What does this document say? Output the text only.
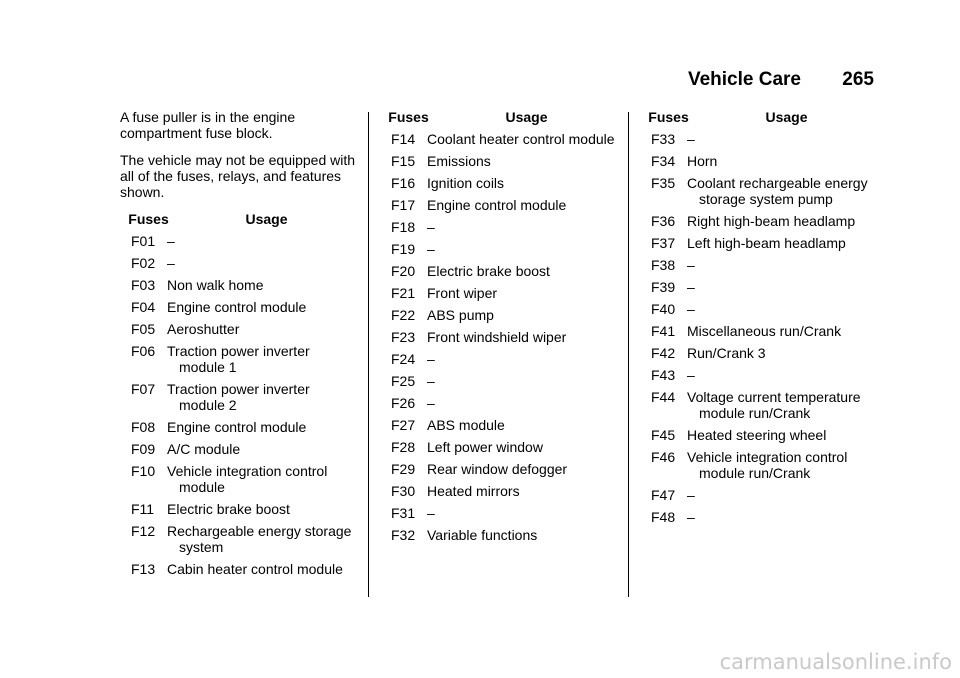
Vehicle Care 265

A fuse puller is in the engine compartment fuse block.

The vehicle may not be equipped with all of the fuses, relays, and features shown.

Fuses	Usage
F01 –
F02 –
F03 Non walk home
F04 Engine control module
F05 Aeroshutter
F06 Traction power inverter module 1
F07 Traction power inverter module 2
F08 Engine control module
F09 A/C module
F10 Vehicle integration control module
F11 Electric brake boost
F12 Rechargeable energy storage system
F13 Cabin heater control module
Fuses	Usage
F14 Coolant heater control module
F15 Emissions
F16 Ignition coils
F17 Engine control module
F18 –
F19 –
F20 Electric brake boost
F21 Front wiper
F22 ABS pump
F23 Front windshield wiper
F24 –
F25 –
F26 –
F27 ABS module
F28 Left power window
F29 Rear window defogger
F30 Heated mirrors
F31 –
F32 Variable functions
Fuses	Usage
F33 –
F34 Horn
F35 Coolant rechargeable energy storage system pump
F36 Right high-beam headlamp
F37 Left high-beam headlamp
F38 –
F39 –
F40 –
F41 Miscellaneous run/Crank
F42 Run/Crank 3
F43 –
F44 Voltage current temperature module run/Crank
F45 Heated steering wheel
F46 Vehicle integration control module run/Crank
F47 –
F48 –
carmanualsonline.info
